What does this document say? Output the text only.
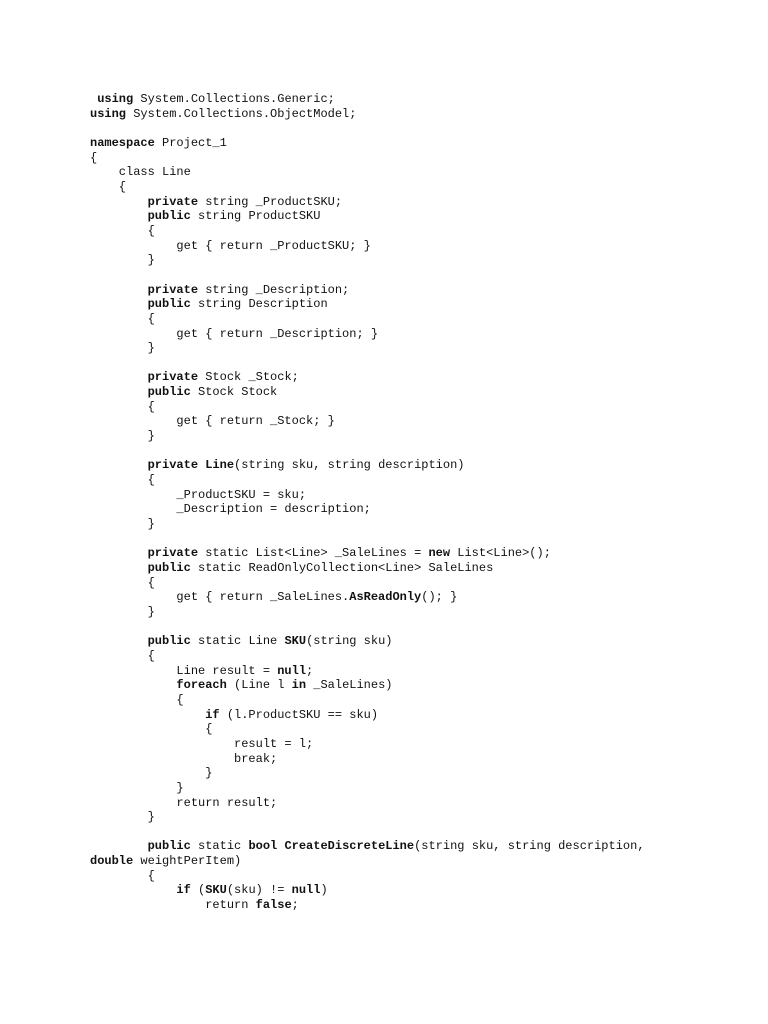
using System.Collections.Generic;
using System.Collections.ObjectModel;
namespace Project_1
{
class Line
{
private string _ProductSKU;
public string ProductSKU
{
get { return _ProductSKU; }
}
private string _Description;
public string Description
{
get { return _Description; }
}
private Stock _Stock;
public Stock Stock
{
get { return _Stock; }
}
private Line(string sku, string description)
{
_ProductSKU = sku;
_Description = description;
}
private static List<Line> _SaleLines = new List<Line>();
public static ReadOnlyCollection<Line> SaleLines
{
get { return _SaleLines.AsReadOnly(); }
}
public static Line SKU(string sku)
{
Line result = null;
foreach (Line l in _SaleLines)
{
if (l.ProductSKU == sku)
{
result = l;
break;
}
}
return result;
}
public static bool CreateDiscreteLine(string sku, string description,
double weightPerItem)
{
if (SKU(sku) != null)
return false;
